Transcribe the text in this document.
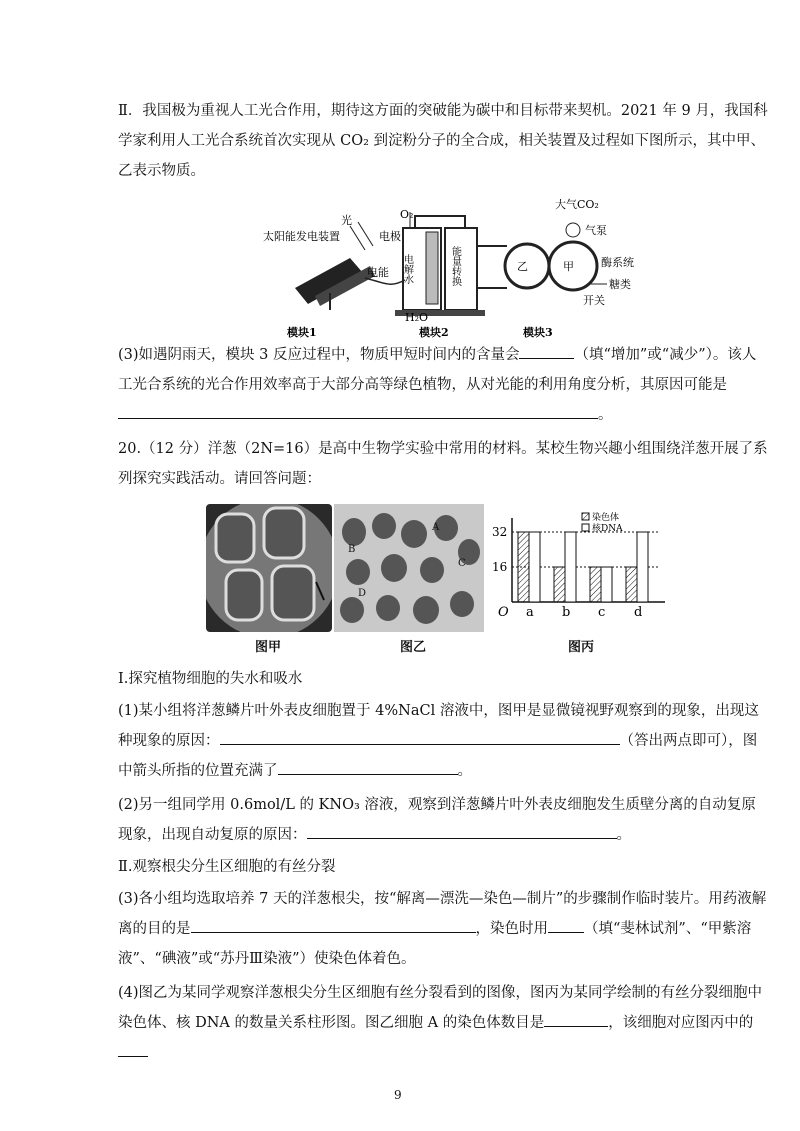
Ⅱ．我国极为重视人工光合作用，期待这方面的突破能为碳中和目标带来契机。2021 年 9 月，我国科学家利用人工光合系统首次实现从 CO₂ 到淀粉分子的全合成，相关装置及过程如下图所示，其中甲、乙表示物质。
太阳能发电装置
光
电能 电解水
电极
O₂
能量转换
H₂O
乙	甲
大气CO₂
气泵
酶系统
糖类
开关
模块1	模块2	模块3
(3)如遇阴雨天，模块 3 反应过程中，物质甲短时间内的含量会	（填“增加”或“减少”）。该人工光合系统的光合作用效率高于大部分高等绿色植物，从对光能的利用角度分析，其原因可能是。
20.（12 分）洋葱（2N=16）是高中生物学实验中常用的材料。某校生物兴趣小组围绕洋葱开展了系列探究实践活动。请回答问题：
图甲
A
B
C
D
图乙
32
16
O a b c d
染色体
核DNA
图丙
Ⅰ.探究植物细胞的失水和吸水
(1)某小组将洋葱鳞片叶外表皮细胞置于 4%NaCl 溶液中，图甲是显微镜视野观察到的现象，出现这种现象的原因：	（答出两点即可），图中箭头所指的位置充满了	。
(2)另一组同学用 0.6mol/L 的 KNO₃ 溶液，观察到洋葱鳞片叶外表皮细胞发生质壁分离的自动复原现象，出现自动复原的原因：	。
Ⅱ.观察根尖分生区细胞的有丝分裂
(3)各小组均选取培养 7 天的洋葱根尖，按“解离—漂洗—染色—制片”的步骤制作临时装片。用药液解离的目的是	，染色时用 （填“斐林试剂”、“甲紫溶液”、“碘液”或“苏丹Ⅲ染液”）使染色体着色。
(4)图乙为某同学观察洋葱根尖分生区细胞有丝分裂看到的图像，图丙为某同学绘制的有丝分裂细胞中染色体、核 DNA 的数量关系柱形图。图乙细胞 A 的染色体数目是	，该细胞对应图丙中的
9
